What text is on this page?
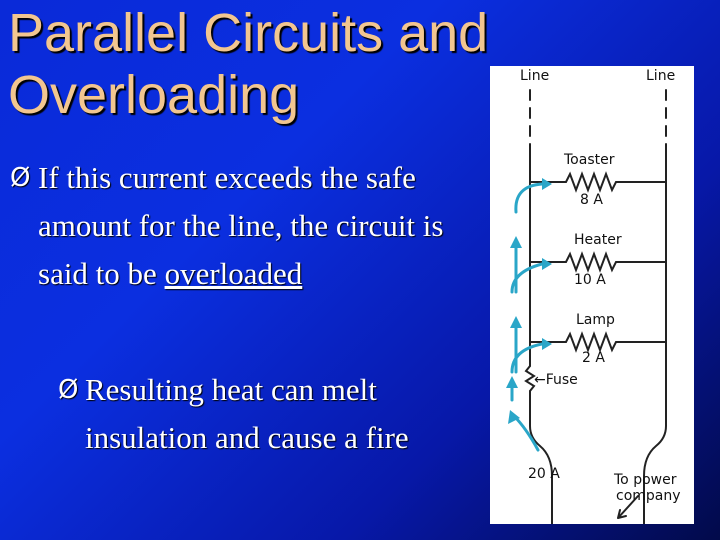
Parallel Circuits and
Overloading
Ø If this current exceeds the safe amount for the line, the circuit is said to be overloaded
Ø Resulting heat can melt insulation and cause a fire
Line	Line
Toaster
8 A
Heater
10 A
Lamp
2 A
←Fuse
20 A	To power
company
